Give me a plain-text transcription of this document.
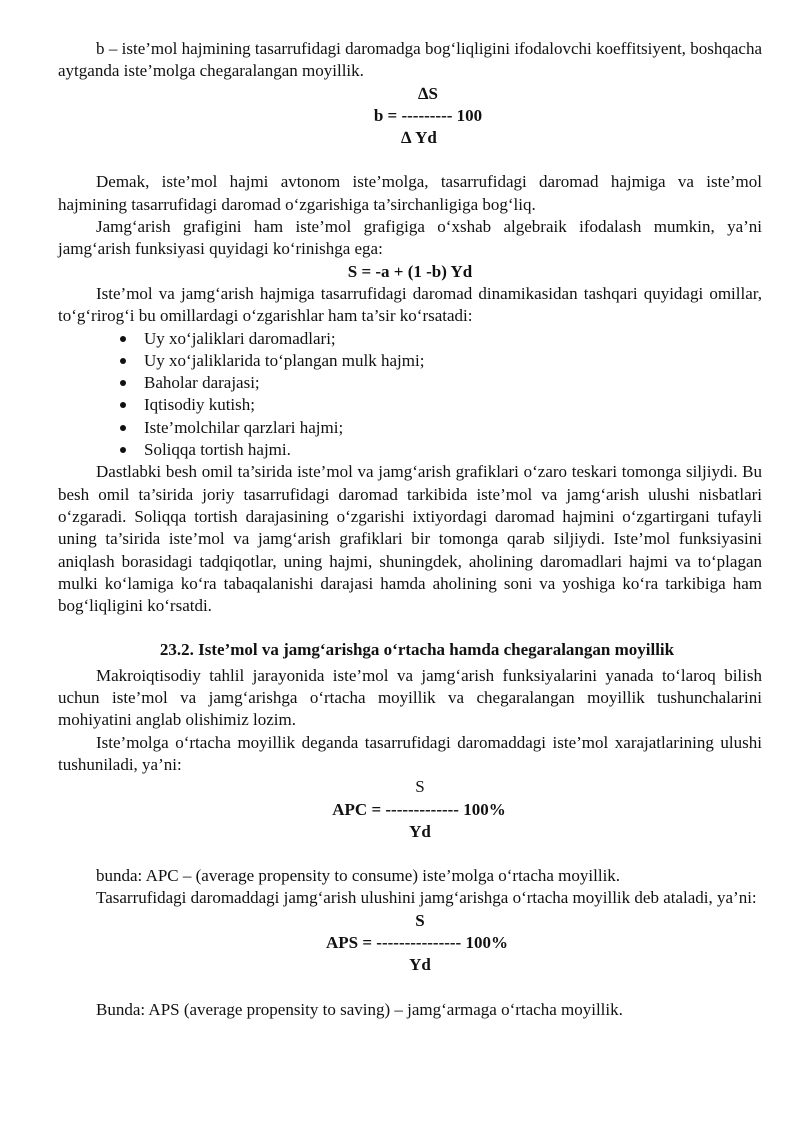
b – iste’mol hajmining tasarrufidagi daromadga bog‘liqligini ifodalovchi koeffitsiyent, boshqacha aytganda iste’molga chegaralangan moyillik.

∆S
b = --------- 100
∆ Yd

Demak, iste’mol hajmi avtonom iste’molga, tasarrufidagi daromad hajmiga va iste’mol hajmining tasarrufidagi daromad o‘zgarishiga ta’sirchanligiga bog‘liq.

Jamg‘arish grafigini ham iste’mol grafigiga o‘xshab algebraik ifodalash mumkin, ya’ni jamg‘arish funksiyasi quyidagi ko‘rinishga ega:

S = -a + (1 -b) Yd

Iste’mol va jamg‘arish hajmiga tasarrufidagi daromad dinamikasidan tashqari quyidagi omillar, to‘g‘rirog‘i bu omillardagi o‘zgarishlar ham ta’sir ko‘rsatadi:

Uy xo‘jaliklari daromadlari;
Uy xo‘jaliklarida to‘plangan mulk hajmi;
Baholar darajasi;
Iqtisodiy kutish;
Iste’molchilar qarzlari hajmi;
Soliqqa tortish hajmi.

Dastlabki besh omil ta’sirida iste’mol va jamg‘arish grafiklari o‘zaro teskari tomonga siljiydi. Bu besh omil ta’sirida joriy tasarrufidagi daromad tarkibida iste’mol va jamg‘arish ulushi nisbatlari o‘zgaradi. Soliqqa tortish darajasining o‘zgarishi ixtiyordagi daromad hajmini o‘zgartirgani tufayli uning ta’sirida iste’mol va jamg‘arish grafiklari bir tomonga qarab siljiydi. Iste’mol funksiyasini aniqlash borasidagi tadqiqotlar, uning hajmi, shuningdek, aholining daromadlari hajmi va to‘plagan mulki ko‘lamiga ko‘ra tabaqalanishi darajasi hamda aholining soni va yoshiga ko‘ra tarkibiga ham bog‘liqligini ko‘rsatdi.

23.2. Iste’mol va jamg‘arishga o‘rtacha hamda chegaralangan moyillik

Makroiqtisodiy tahlil jarayonida iste’mol va jamg‘arish funksiyalarini yanada to‘laroq bilish uchun iste’mol va jamg‘arishga o‘rtacha moyillik va chegaralangan moyillik tushunchalarini mohiyatini anglab olishimiz lozim.

Iste’molga o‘rtacha moyillik deganda tasarrufidagi daromaddagi iste’mol xarajatlarining ulushi tushuniladi, ya’ni:

S
APC = ------------- 100%
Yd

bunda: APC – (average propensity to consume) iste’molga o‘rtacha moyillik.

Tasarrufidagi daromaddagi jamg‘arish ulushini jamg‘arishga o‘rtacha moyillik deb ataladi, ya’ni:

S
APS = --------------- 100%
Yd

Bunda: APS (average propensity to saving) – jamg‘armaga o‘rtacha moyillik.
